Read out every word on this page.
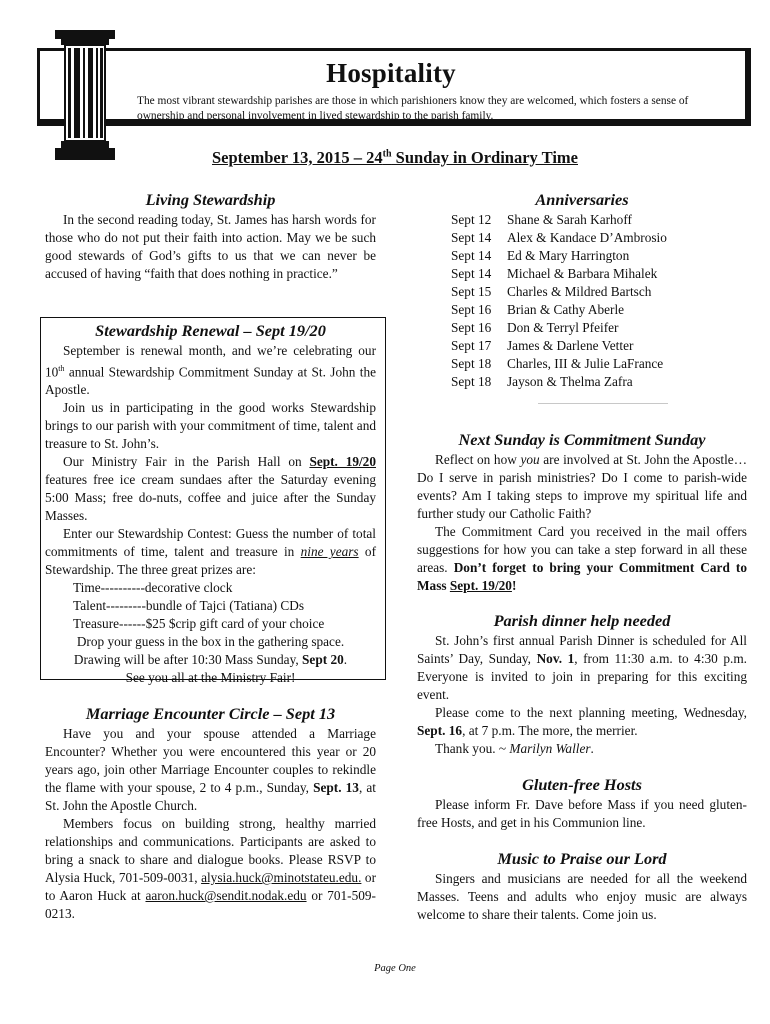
Hospitality
The most vibrant stewardship parishes are those in which parishioners know they are welcomed, which fosters a sense of ownership and personal involvement in lived stewardship to the parish family.
September 13, 2015 – 24th Sunday in Ordinary Time
Living Stewardship

In the second reading today, St. James has harsh words for those who do not put their faith into action. May we be such good stewards of God’s gifts to us that we can never be accused of having “faith that does nothing in practice.”

Stewardship Renewal – Sept 19/20

September is renewal month, and we’re celebrating our 10th annual Stewardship Commitment Sunday at St. John the Apostle.

Join us in participating in the good works Stewardship brings to our parish with your commitment of time, talent and treasure to St. John’s.

Our Ministry Fair in the Parish Hall on Sept. 19/20 features free ice cream sundaes after the Saturday evening 5:00 Mass; free do-nuts, coffee and juice after the Sunday Masses.

Enter our Stewardship Contest: Guess the number of total commitments of time, talent and treasure in nine years of Stewardship. The three great prizes are:

Time----------decorative clock

Talent---------bundle of Tajci (Tatiana) CDs

Treasure------$25 $crip gift card of your choice

Drop your guess in the box in the gathering space.

Drawing will be after 10:30 Mass Sunday, Sept 20.

See you all at the Ministry Fair!

Marriage Encounter Circle – Sept 13

Have you and your spouse attended a Marriage Encounter? Whether you were encountered this year or 20 years ago, join other Marriage Encounter couples to rekindle the flame with your spouse, 2 to 4 p.m., Sunday, Sept. 13, at St. John the Apostle Church.

Members focus on building strong, healthy married relationships and communications. Participants are asked to bring a snack to share and dialogue books. Please RSVP to Alysia Huck, 701-509-0031, alysia.huck@minotstateu.edu. or to Aaron Huck at aaron.huck@sendit.nodak.edu or 701-509-0213.

Anniversaries
Sept 12	Shane & Sarah Karhoff
Sept 14	Alex & Kandace D’Ambrosio
Sept 14	Ed & Mary Harrington
Sept 14	Michael & Barbara Mihalek
Sept 15	Charles & Mildred Bartsch
Sept 16	Brian & Cathy Aberle
Sept 16	Don & Terryl Pfeifer
Sept 17	James & Darlene Vetter
Sept 18	Charles, III & Julie LaFrance
Sept 18	Jayson & Thelma Zafra
Next Sunday is Commitment Sunday

Reflect on how you are involved at St. John the Apostle… Do I serve in parish ministries? Do I come to parish-wide events? Am I taking steps to improve my spiritual life and further study our Catholic Faith?

The Commitment Card you received in the mail offers suggestions for how you can take a step forward in all these areas. Don’t forget to bring your Commitment Card to Mass Sept. 19/20!

Parish dinner help needed

St. John’s first annual Parish Dinner is scheduled for All Saints’ Day, Sunday, Nov. 1, from 11:30 a.m. to 4:30 p.m. Everyone is invited to join in preparing for this exciting event.

Please come to the next planning meeting, Wednesday, Sept. 16, at 7 p.m. The more, the merrier.

Thank you. ~ Marilyn Waller.

Gluten-free Hosts

Please inform Fr. Dave before Mass if you need gluten-free Hosts, and get in his Communion line.

Music to Praise our Lord

Singers and musicians are needed for all the weekend Masses. Teens and adults who enjoy music are always welcome to share their talents. Come join us.

Page One
